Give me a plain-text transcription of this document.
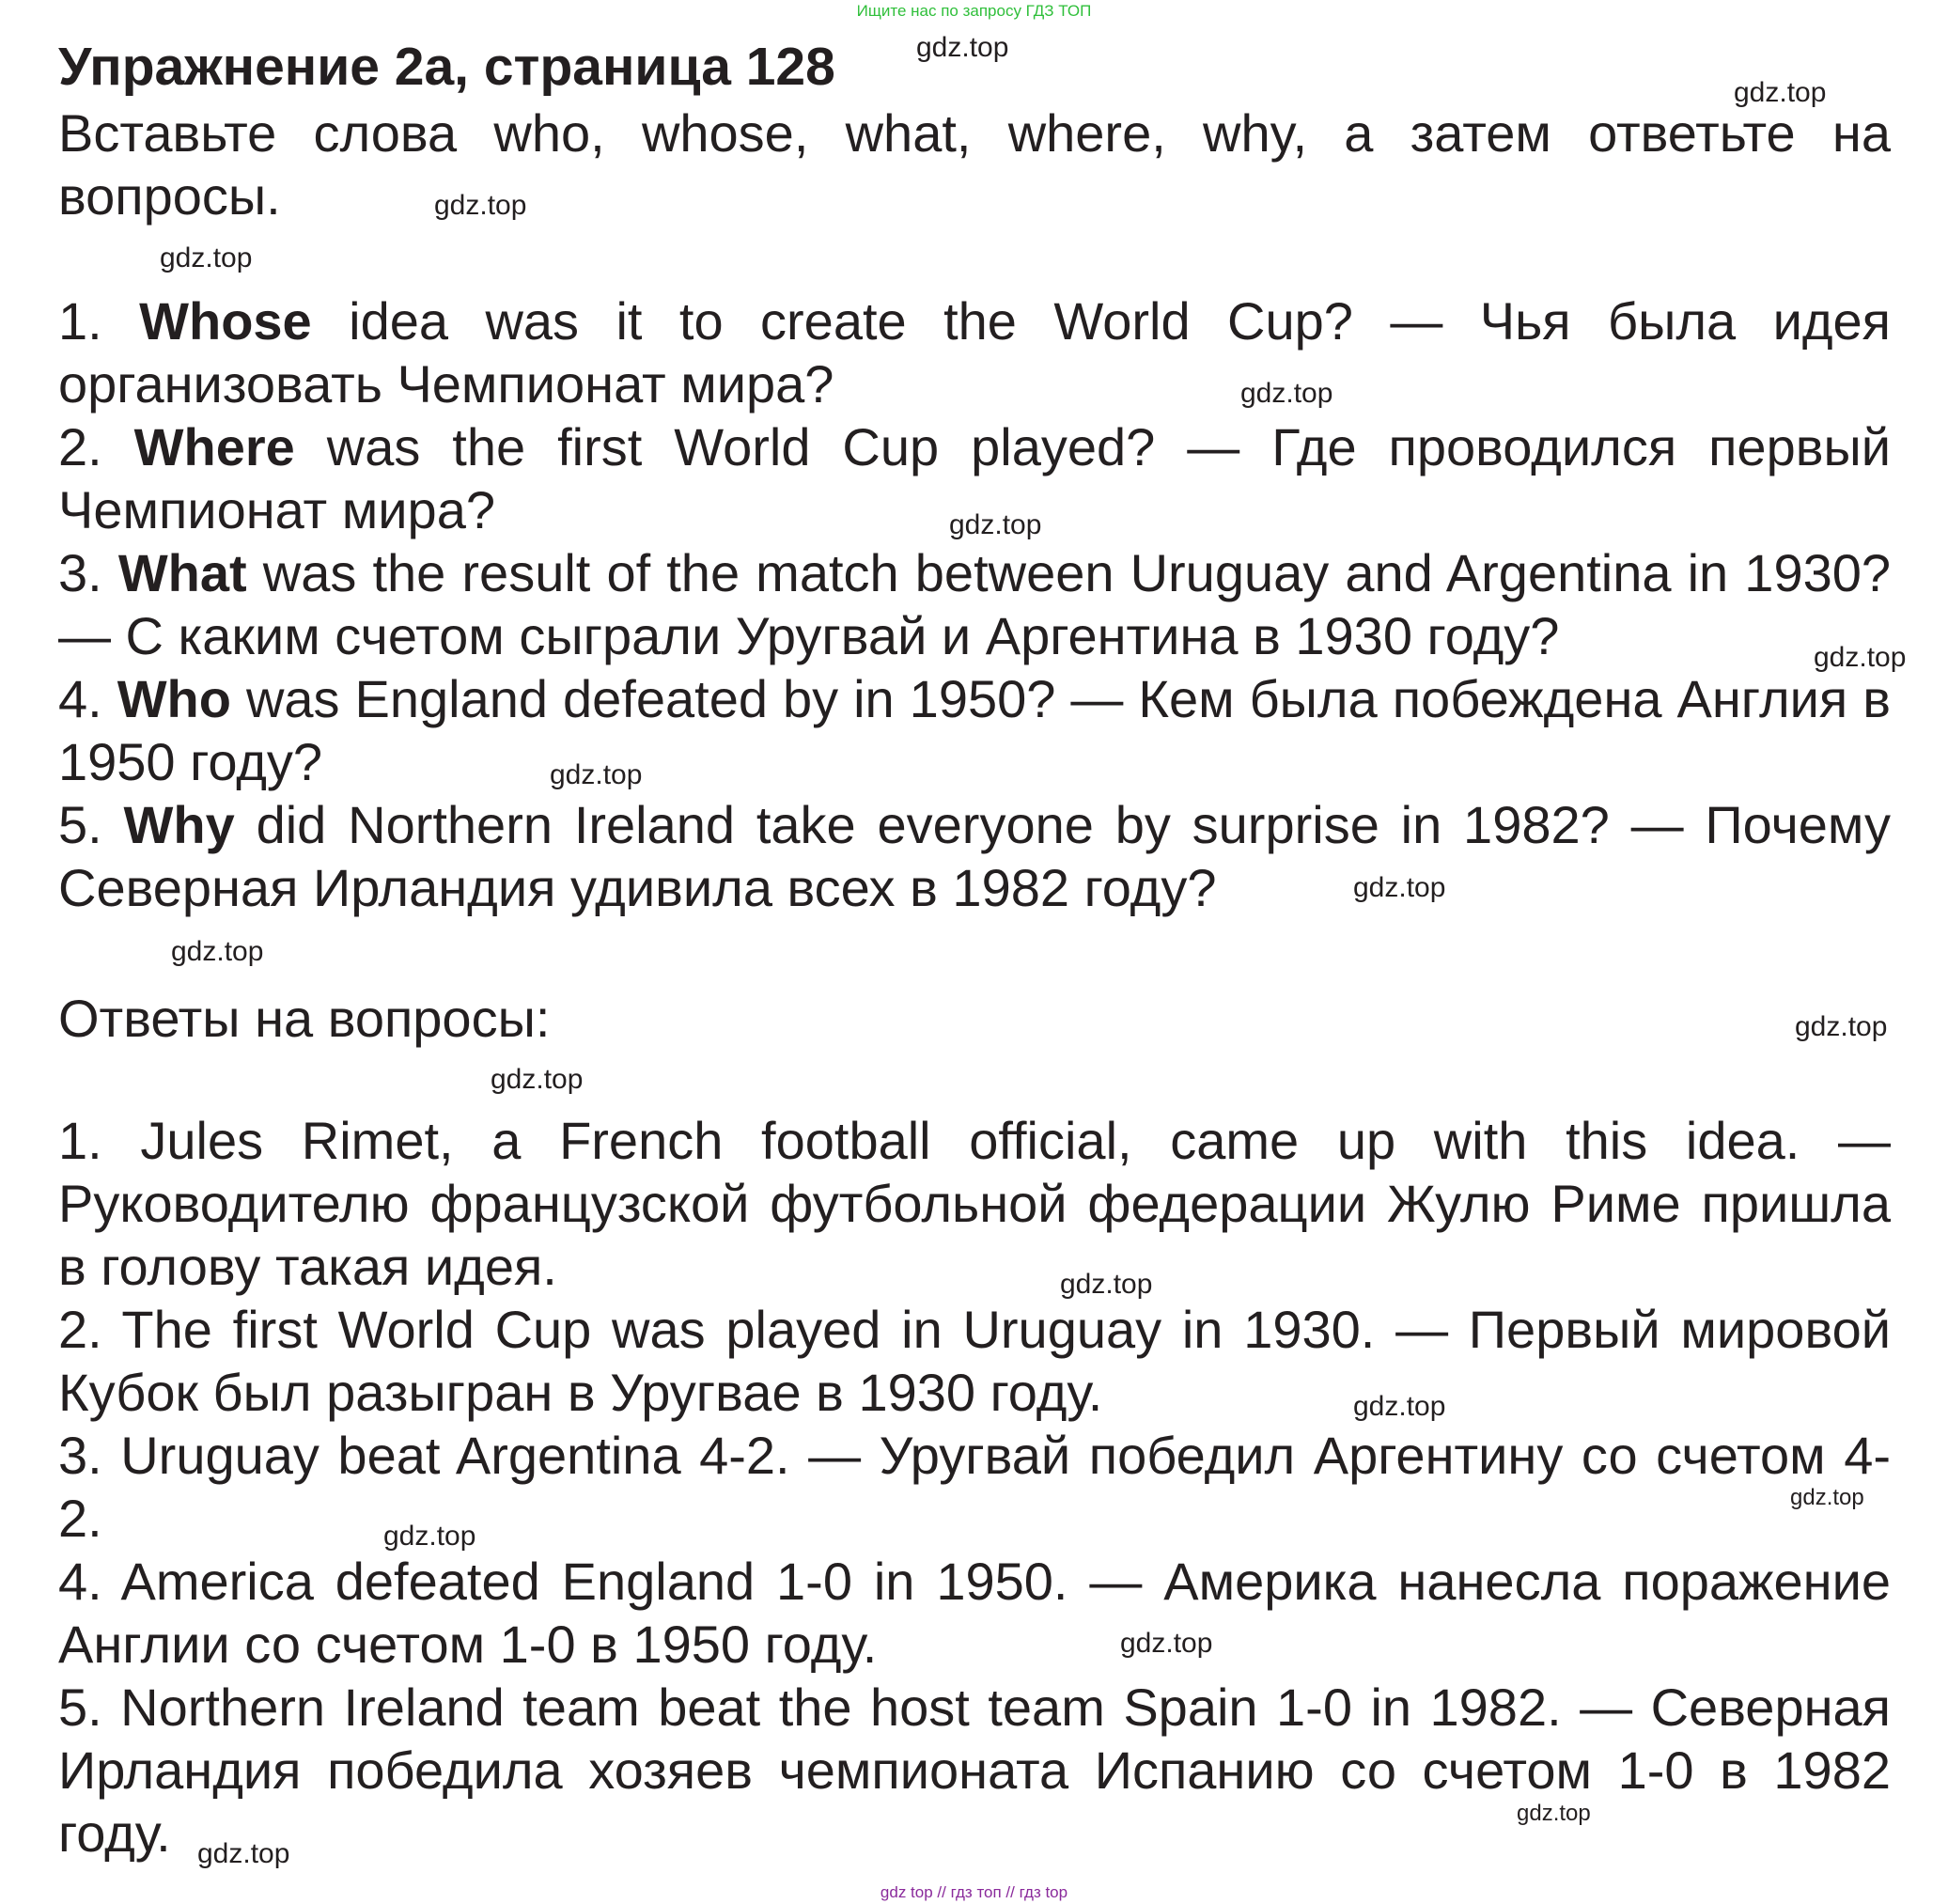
Ищите нас по запросу ГДЗ ТОП
Упражнение 2а, страница 128
Вставьте слова who, whose, what, where, why, а затем ответьте на вопросы.
1. Whose idea was it to create the World Cup? — Чья была идея организовать Чемпионат мира?
2. Where was the first World Cup played? — Где проводился первый Чемпионат мира?
3. What was the result of the match between Uruguay and Argentina in 1930? — С каким счетом сыграли Уругвай и Аргентина в 1930 году?
4. Who was England defeated by in 1950? — Кем была побеждена Англия в 1950 году?
5. Why did Northern Ireland take everyone by surprise in 1982? — Почему Северная Ирландия удивила всех в 1982 году?
Ответы на вопросы:
1. Jules Rimet, a French football official, came up with this idea. — Руководителю французской футбольной федерации Жулю Риме пришла в голову такая идея.
2. The first World Cup was played in Uruguay in 1930. — Первый мировой Кубок был разыгран в Уругвае в 1930 году.
3. Uruguay beat Argentina 4-2. — Уругвай победил Аргентину со счетом 4-2.
4. America defeated England 1-0 in 1950. — Америка нанесла поражение Англии со счетом 1-0 в 1950 году.
5. Northern Ireland team beat the host team Spain 1-0 in 1982. — Северная Ирландия победила хозяев чемпионата Испанию со счетом 1-0 в 1982 году.
gdz.top
gdz.top
gdz.top
gdz.top
gdz.top
gdz.top
gdz.top
gdz.top
gdz.top
gdz.top
gdz.top
gdz.top
gdz.top
gdz.top
gdz.top
gdz.top
gdz.top
gdz.top
gdz.top
gdz top // гдз топ // гдз top
